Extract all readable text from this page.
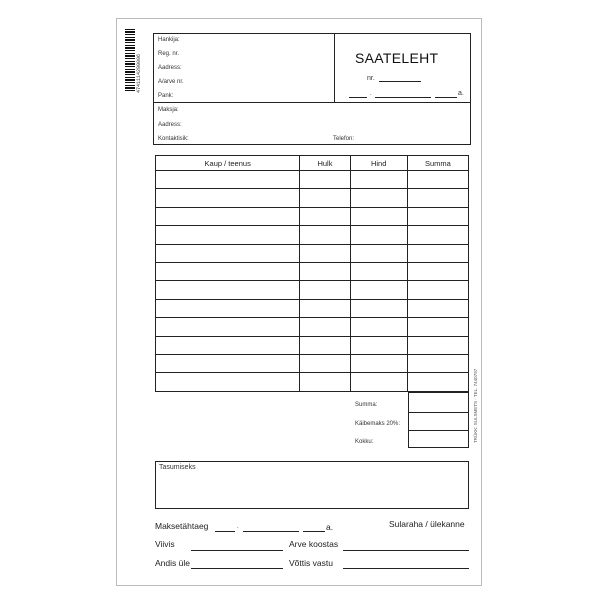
4741114290006
Hankija:
Reg. nr.
Aadress:
A/arve nr.
Pank:
SAATELEHT
nr.
.	a.
Maksja:
Aadress:
Kontaktisik:	Telefon:
Kaup / teenus	Hulk	Hind	Summa

Summa:
Käibemaks 20%:
Kokku:	TRÜKK: SULSMETS · TEL. 7440797
Tasumiseks
Maksetähtaeg	.	a.	Sularaha / ülekanne
Viivis	Arve koostas
Andis üle	Võttis vastu
